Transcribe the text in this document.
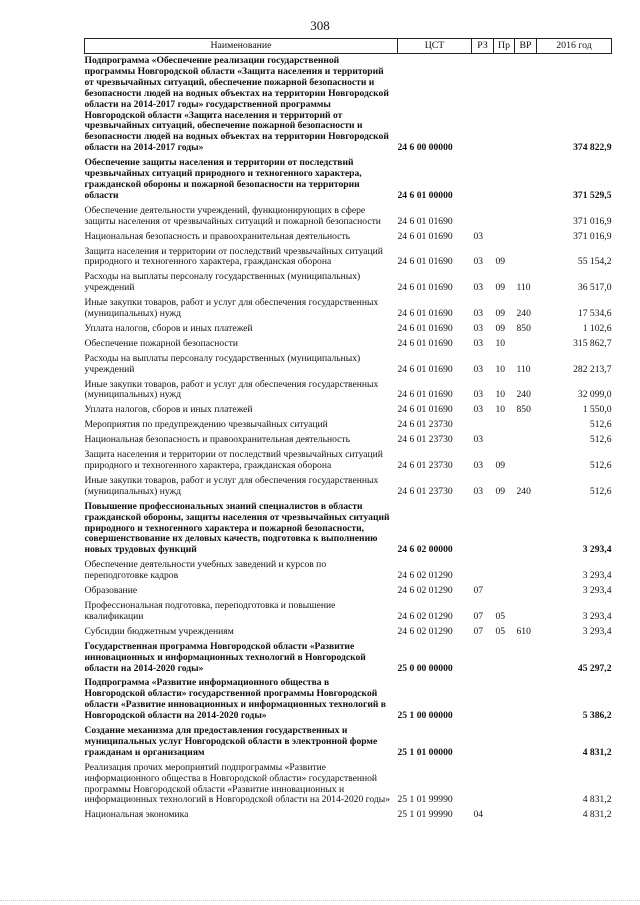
308
Наименование	ЦСТ	РЗ	Пр	ВР	2016 год
Подпрограмма «Обеспечение реализации государственной программы Новгородской области «Защита населения и территорий от чрезвычайных ситуаций, обеспечение пожарной безопасности и безопасности людей на водных объектах на территории Новгородской области на 2014-2017 годы» государственной программы Новгородской области «Защита населения и территорий от чрезвычайных ситуаций, обеспечение пожарной безопасности и безопасности людей на водных объектах на территории Новгородской области на 2014-2017 годы»	24 6 00 00000				374 822,9
Обеспечение защиты населения и территории от последствий чрезвычайных ситуаций природного и техногенного характера, гражданской обороны и пожарной безопасности на территории области	24 6 01 00000				371 529,5
Обеспечение деятельности учреждений, функционирующих в сфере защиты населения от чрезвычайных ситуаций и пожарной безопасности	24 6 01 01690				371 016,9
Национальная безопасность и правоохранительная деятельность	24 6 01 01690	03			371 016,9
Защита населения и территории от последствий чрезвычайных ситуаций природного и техногенного характера, гражданская оборона	24 6 01 01690	03	09		55 154,2
Расходы на выплаты персоналу государственных (муниципальных) учреждений	24 6 01 01690	03	09	110	36 517,0
Иные закупки товаров, работ и услуг для обеспечения государственных (муниципальных) нужд	24 6 01 01690	03	09	240	17 534,6
Уплата налогов, сборов и иных платежей	24 6 01 01690	03	09	850	1 102,6
Обеспечение пожарной безопасности	24 6 01 01690	03	10		315 862,7
Расходы на выплаты персоналу государственных (муниципальных) учреждений	24 6 01 01690	03	10	110	282 213,7
Иные закупки товаров, работ и услуг для обеспечения государственных (муниципальных) нужд	24 6 01 01690	03	10	240	32 099,0
Уплата налогов, сборов и иных платежей	24 6 01 01690	03	10	850	1 550,0
Мероприятия по предупреждению чрезвычайных ситуаций	24 6 01 23730				512,6
Национальная безопасность и правоохранительная деятельность	24 6 01 23730	03			512,6
Защита населения и территории от последствий чрезвычайных ситуаций природного и техногенного характера, гражданская оборона	24 6 01 23730	03	09		512,6
Иные закупки товаров, работ и услуг для обеспечения государственных (муниципальных) нужд	24 6 01 23730	03	09	240	512,6
Повышение профессиональных знаний специалистов в области гражданской обороны, защиты населения от чрезвычайных ситуаций природного и техногенного характера и пожарной безопасности, совершенствование их деловых качеств, подготовка к выполнению новых трудовых функций	24 6 02 00000				3 293,4
Обеспечение деятельности учебных заведений и курсов по переподготовке кадров	24 6 02 01290				3 293,4
Образование	24 6 02 01290	07			3 293,4
Профессиональная подготовка, переподготовка и повышение квалификации	24 6 02 01290	07	05		3 293,4
Субсидии бюджетным учреждениям	24 6 02 01290	07	05	610	3 293,4
Государственная программа Новгородской области «Развитие инновационных и информационных технологий в Новгородской области на 2014-2020 годы»	25 0 00 00000				45 297,2
Подпрограмма «Развитие информационного общества в Новгородской области» государственной программы Новгородской области «Развитие инновационных и информационных технологий в Новгородской области на 2014-2020 годы»	25 1 00 00000				5 386,2
Создание механизма для предоставления государственных и муниципальных услуг Новгородской области в электронной форме гражданам и организациям	25 1 01 00000				4 831,2
Реализация прочих мероприятий подпрограммы «Развитие информационного общества в Новгородской области» государственной программы Новгородской области «Развитие инновационных и информационных технологий в Новгородской области на 2014-2020 годы»	25 1 01 99990				4 831,2
Национальная экономика	25 1 01 99990	04			4 831,2
